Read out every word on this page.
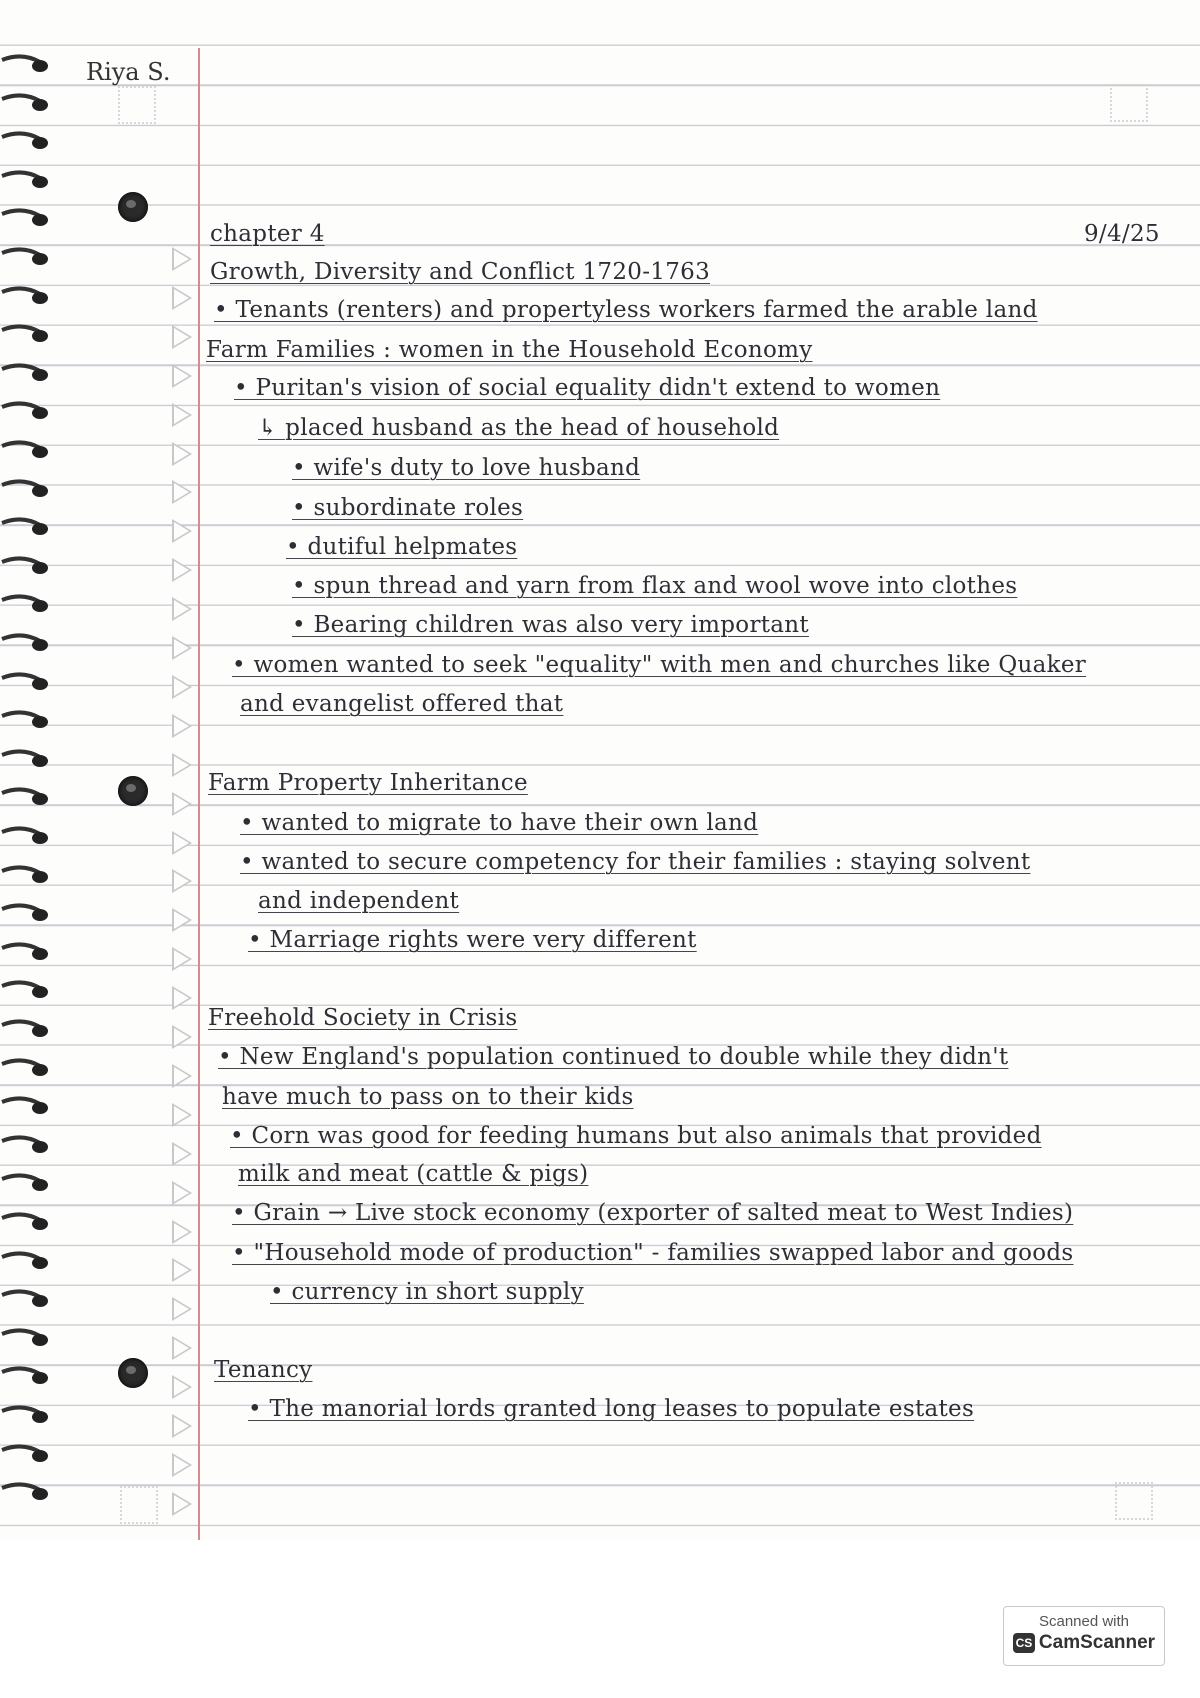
Riya S.
9/4/25
chapter 4
Growth, Diversity and Conflict 1720-1763
• Tenants (renters) and propertyless workers farmed the arable land
Farm Families : women in the Household Economy
• Puritan's vision of social equality didn't extend to women
↳ placed husband as the head of household
• wife's duty to love husband
• subordinate roles
• dutiful helpmates
• spun thread and yarn from flax and wool wove into clothes
• Bearing children was also very important
• women wanted to seek "equality" with men and churches like Quaker
and evangelist offered that
Farm Property Inheritance
• wanted to migrate to have their own land
• wanted to secure competency for their families : staying solvent
and independent
• Marriage rights were very different
Freehold Society in Crisis
• New England's population continued to double while they didn't
have much to pass on to their kids
• Corn was good for feeding humans but also animals that provided
milk and meat (cattle & pigs)
• Grain → Live stock economy (exporter of salted meat to West Indies)
• "Household mode of production" - families swapped labor and goods
• currency in short supply
Tenancy
• The manorial lords granted long leases to populate estates
Scanned with
CS CamScanner
